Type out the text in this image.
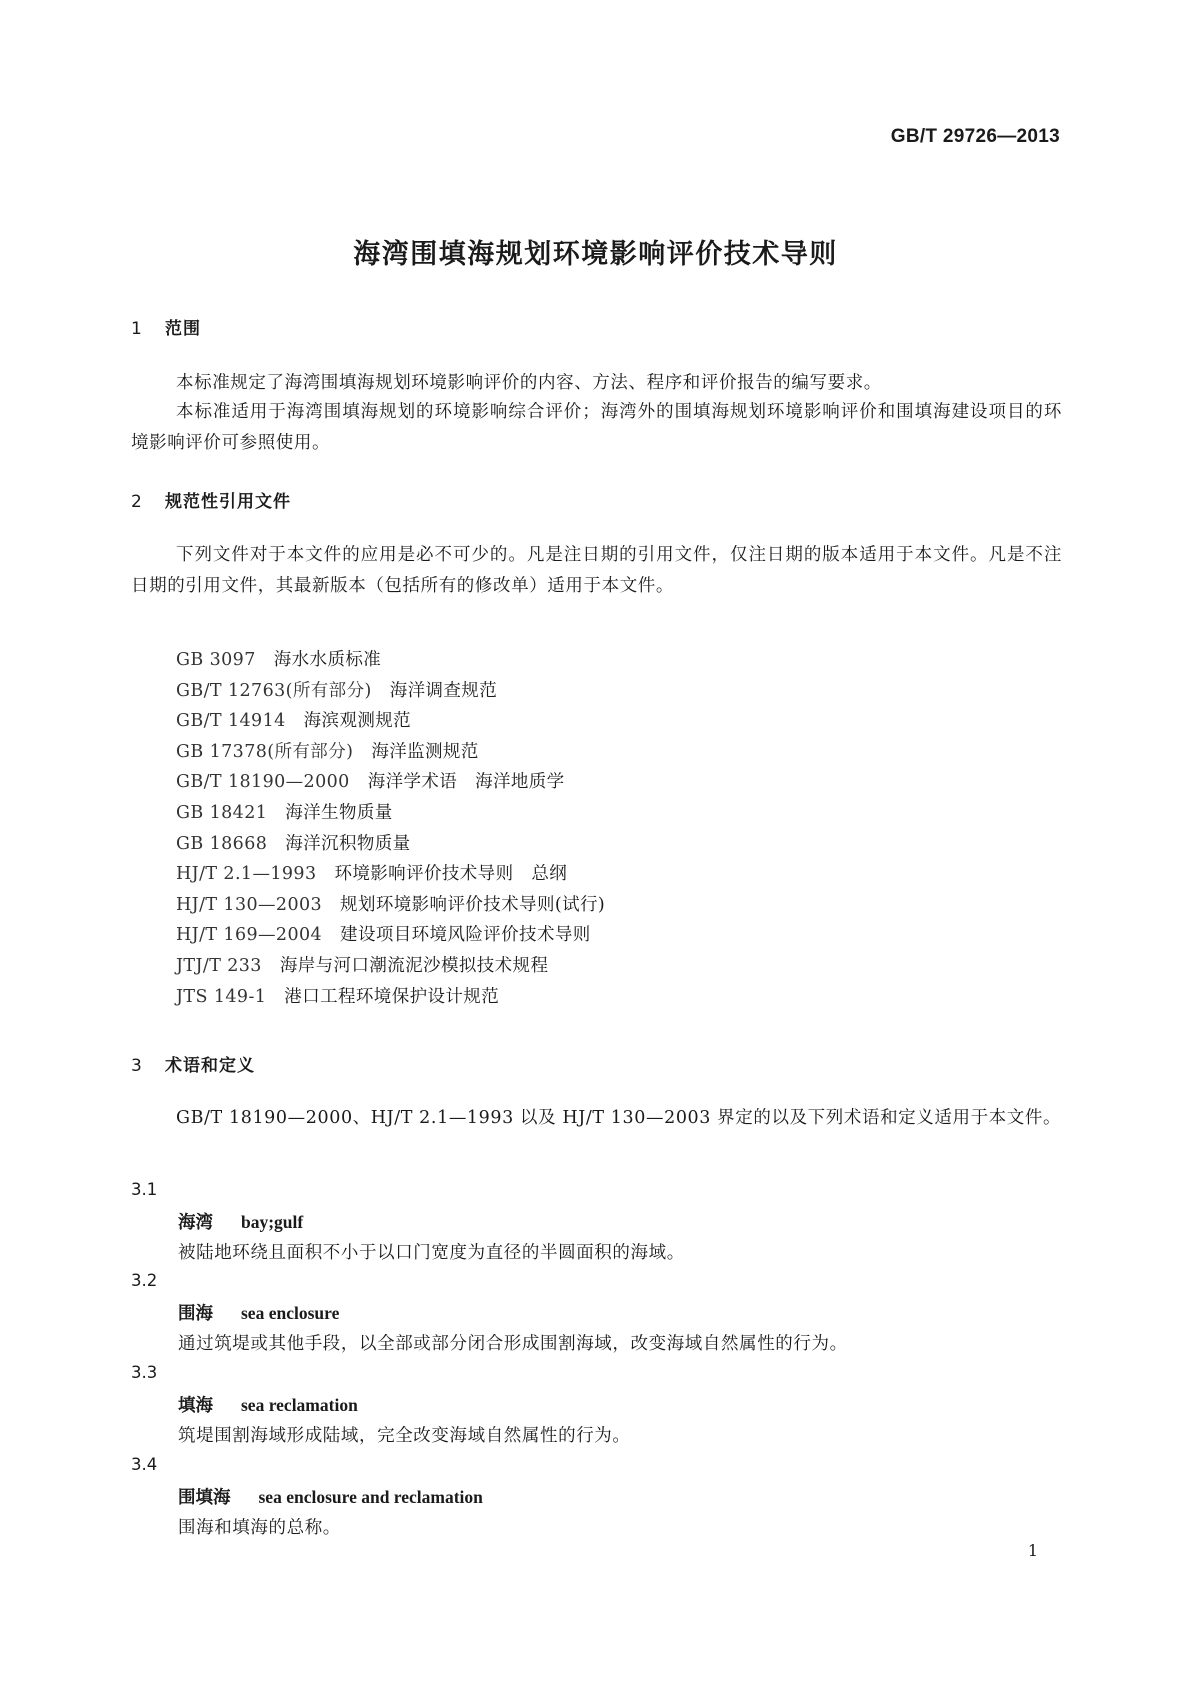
GB/T 29726—2013
海湾围填海规划环境影响评价技术导则
1 范围
本标准规定了海湾围填海规划环境影响评价的内容、方法、程序和评价报告的编写要求。
本标准适用于海湾围填海规划的环境影响综合评价；海湾外的围填海规划环境影响评价和围填海建设项目的环境影响评价可参照使用。
2 规范性引用文件
下列文件对于本文件的应用是必不可少的。凡是注日期的引用文件，仅注日期的版本适用于本文件。凡是不注日期的引用文件，其最新版本（包括所有的修改单）适用于本文件。
GB 3097 海水水质标准
GB/T 12763(所有部分) 海洋调查规范
GB/T 14914 海滨观测规范
GB 17378(所有部分) 海洋监测规范
GB/T 18190—2000 海洋学术语　海洋地质学
GB 18421 海洋生物质量
GB 18668 海洋沉积物质量
HJ/T 2.1—1993 环境影响评价技术导则　总纲
HJ/T 130—2003 规划环境影响评价技术导则(试行)
HJ/T 169—2004 建设项目环境风险评价技术导则
JTJ/T 233 海岸与河口潮流泥沙模拟技术规程
JTS 149-1 港口工程环境保护设计规范
3 术语和定义
GB/T 18190—2000、HJ/T 2.1—1993 以及 HJ/T 130—2003 界定的以及下列术语和定义适用于本文件。
3.1
海湾 bay;gulf
被陆地环绕且面积不小于以口门宽度为直径的半圆面积的海域。
3.2
围海 sea enclosure
通过筑堤或其他手段，以全部或部分闭合形成围割海域，改变海域自然属性的行为。
3.3
填海 sea reclamation
筑堤围割海域形成陆域，完全改变海域自然属性的行为。
3.4
围填海 sea enclosure and reclamation
围海和填海的总称。
1
